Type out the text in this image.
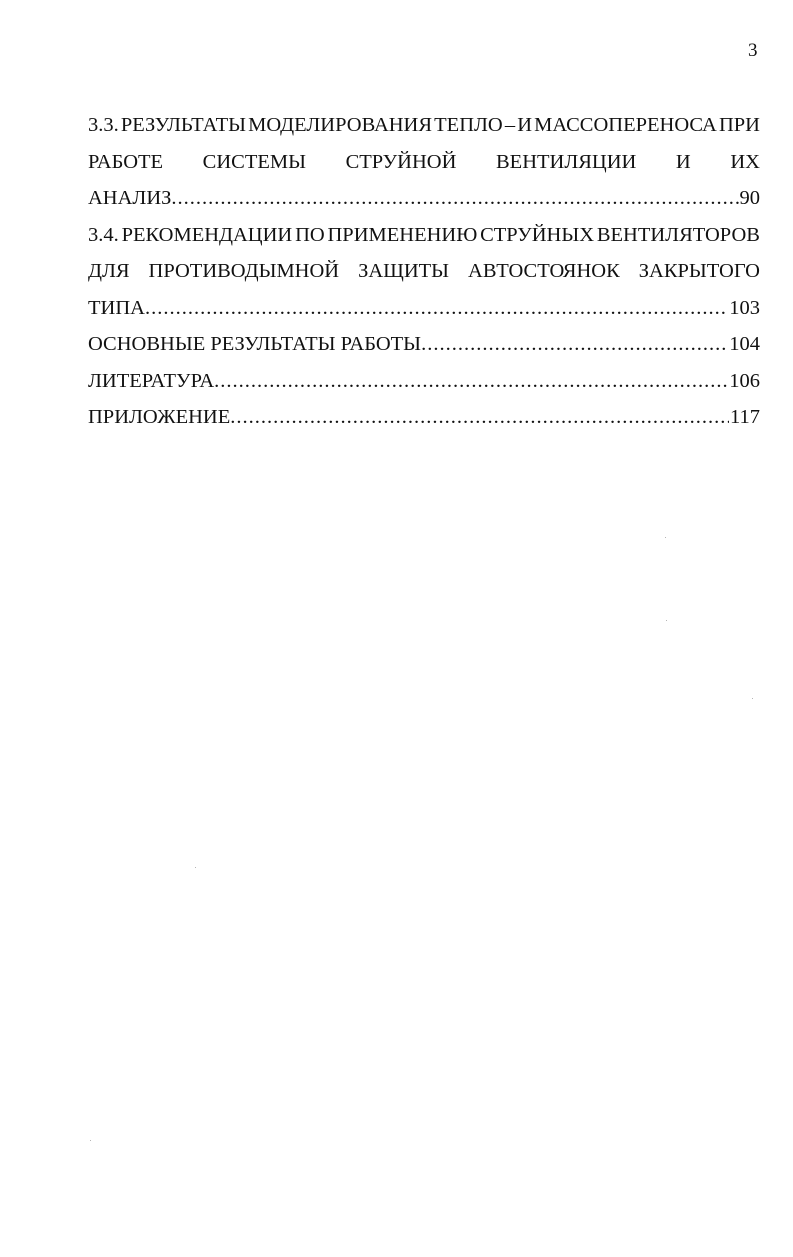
3
3.3. РЕЗУЛЬТАТЫ МОДЕЛИРОВАНИЯ ТЕПЛО – И МАССОПЕРЕНОСА ПРИ
РАБОТЕ СИСТЕМЫ СТРУЙНОЙ ВЕНТИЛЯЦИИ И ИХ
АНАЛИЗ .....	90
3.4. РЕКОМЕНДАЦИИ ПО ПРИМЕНЕНИЮ СТРУЙНЫХ ВЕНТИЛЯТОРОВ
ДЛЯ ПРОТИВОДЫМНОЙ ЗАЩИТЫ АВТОСТОЯНОК ЗАКРЫТОГО
ТИПА .....	103
ОСНОВНЫЕ РЕЗУЛЬТАТЫ РАБОТЫ .....	104
ЛИТЕРАТУРА .....	106
ПРИЛОЖЕНИЕ .....	117
